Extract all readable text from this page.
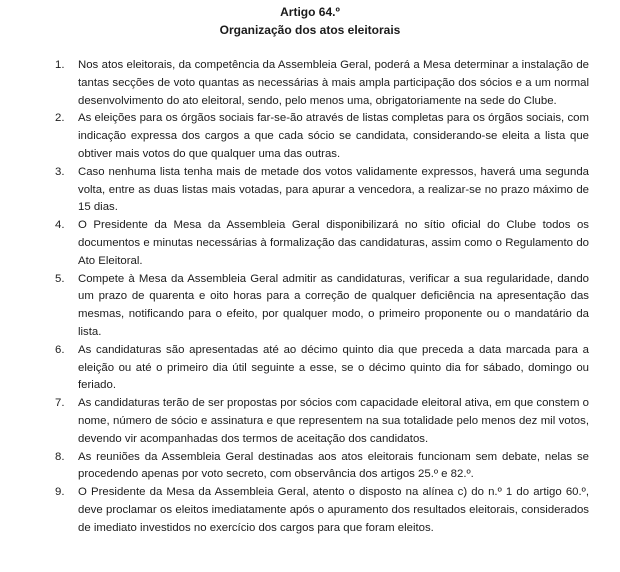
Artigo 64.º
Organização dos atos eleitorais
1.	Nos atos eleitorais, da competência da Assembleia Geral, poderá a Mesa determinar a instalação de tantas secções de voto quantas as necessárias à mais ampla participação dos sócios e a um normal desenvolvimento do ato eleitoral, sendo, pelo menos uma, obrigatoriamente na sede do Clube.
2.	As eleições para os órgãos sociais far-se-ão através de listas completas para os órgãos sociais, com indicação expressa dos cargos a que cada sócio se candidata, considerando-se eleita a lista que obtiver mais votos do que qualquer uma das outras.
3.	Caso nenhuma lista tenha mais de metade dos votos validamente expressos, haverá uma segunda volta, entre as duas listas mais votadas, para apurar a vencedora, a realizar-se no prazo máximo de 15 dias.
4.	O Presidente da Mesa da Assembleia Geral disponibilizará no sítio oficial do Clube todos os documentos e minutas necessárias à formalização das candidaturas, assim como o Regulamento do Ato Eleitoral.
5.	Compete à Mesa da Assembleia Geral admitir as candidaturas, verificar a sua regularidade, dando um prazo de quarenta e oito horas para a correção de qualquer deficiência na apresentação das mesmas, notificando para o efeito, por qualquer modo, o primeiro proponente ou o mandatário da lista.
6.	As candidaturas são apresentadas até ao décimo quinto dia que preceda a data marcada para a eleição ou até o primeiro dia útil seguinte a esse, se o décimo quinto dia for sábado, domingo ou feriado.
7.	As candidaturas terão de ser propostas por sócios com capacidade eleitoral ativa, em que constem o nome, número de sócio e assinatura e que representem na sua totalidade pelo menos dez mil votos, devendo vir acompanhadas dos termos de aceitação dos candidatos.
8.	As reuniões da Assembleia Geral destinadas aos atos eleitorais funcionam sem debate, nelas se procedendo apenas por voto secreto, com observância dos artigos 25.º e 82.º.
9.	O Presidente da Mesa da Assembleia Geral, atento o disposto na alínea c) do n.º 1 do artigo 60.º, deve proclamar os eleitos imediatamente após o apuramento dos resultados eleitorais, considerados de imediato investidos no exercício dos cargos para que foram eleitos.
